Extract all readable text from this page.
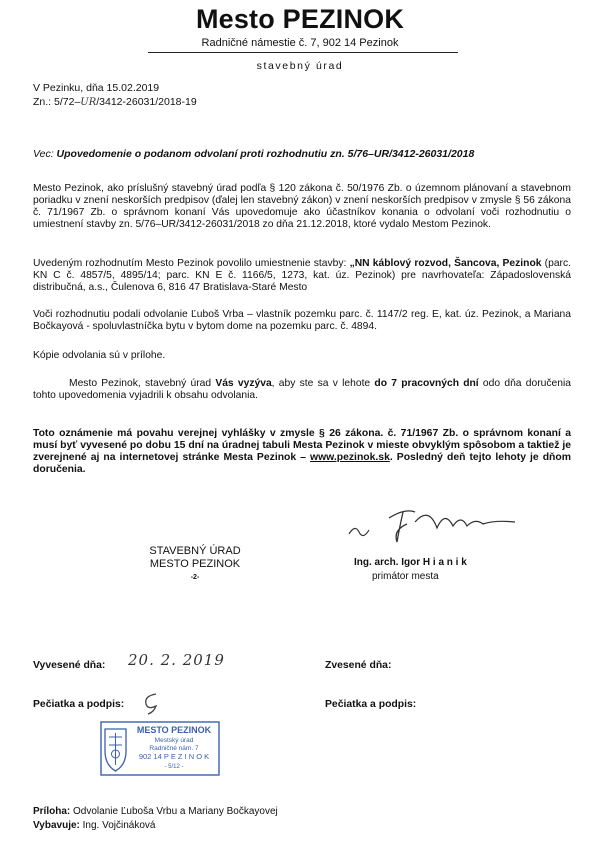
Mesto PEZINOK
Radničné námestie č. 7, 902 14 Pezinok
stavebný úrad
V Pezinku, dňa 15.02.2019
Zn.: 5/72–UR/3412-26031/2018-19
Vec: Upovedomenie o podanom odvolaní proti rozhodnutiu zn. 5/76–UR/3412-26031/2018
Mesto Pezinok, ako príslušný stavebný úrad podľa § 120 zákona č. 50/1976 Zb. o územnom plánovaní a stavebnom poriadku v znení neskorších predpisov (ďalej len stavebný zákon) v znení neskorších predpisov v zmysle § 56 zákona č. 71/1967 Zb. o správnom konaní Vás upovedomuje ako účastníkov konania o odvolaní voči rozhodnutiu o umiestnení stavby zn. 5/76–UR/3412-26031/2018 zo dňa 21.12.2018, ktoré vydalo Mestom Pezinok.
Uvedeným rozhodnutím Mesto Pezinok povolilo umiestnenie stavby: „NN káblový rozvod, Šancova, Pezinok (parc. KN C č. 4857/5, 4895/14; parc. KN E č. 1166/5, 1273, kat. úz. Pezinok) pre navrhovateľa: Západoslovenská distribučná, a.s., Čulenova 6, 816 47 Bratislava-Staré Mesto
Voči rozhodnutiu podali odvolanie Ľuboš Vrba – vlastník pozemku parc. č. 1147/2 reg. E, kat. úz. Pezinok, a Mariana Bočkayová - spoluvlastníčka bytu v bytom dome na pozemku parc. č. 4894.
Kópie odvolania sú v prílohe.
Mesto Pezinok, stavebný úrad Vás vyzýva, aby ste sa v lehote do 7 pracovných dní odo dňa doručenia tohto upovedomenia vyjadrili k obsahu odvolania.
Toto oznámenie má povahu verejnej vyhlášky v zmysle § 26 zákona. č. 71/1967 Zb. o správnom konaní a musí byť vyvesené po dobu 15 dní na úradnej tabuli Mesta Pezinok v mieste obvyklým spôsobom a taktiež je zverejnené aj na internetovej stránke Mesta Pezinok – www.pezinok.sk. Posledný deň tejto lehoty je dňom doručenia.
STAVEBNÝ ÚRAD
MESTO PEZINOK
-2-
Ing. arch. Igor H i a n i k
primátor mesta
Vyvesené dňa: 20. 2. 2019	Zvesené dňa:
Pečiatka a podpis:	Pečiatka a podpis:
MESTO PEZINOK
Mestský úrad
Radničné nám. 7
902 14 P E Z I N O K
- 5/12 -
Príloha: Odvolanie Ľuboša Vrbu a Mariany Bočkayovej
Vybavuje: Ing. Vojčináková
